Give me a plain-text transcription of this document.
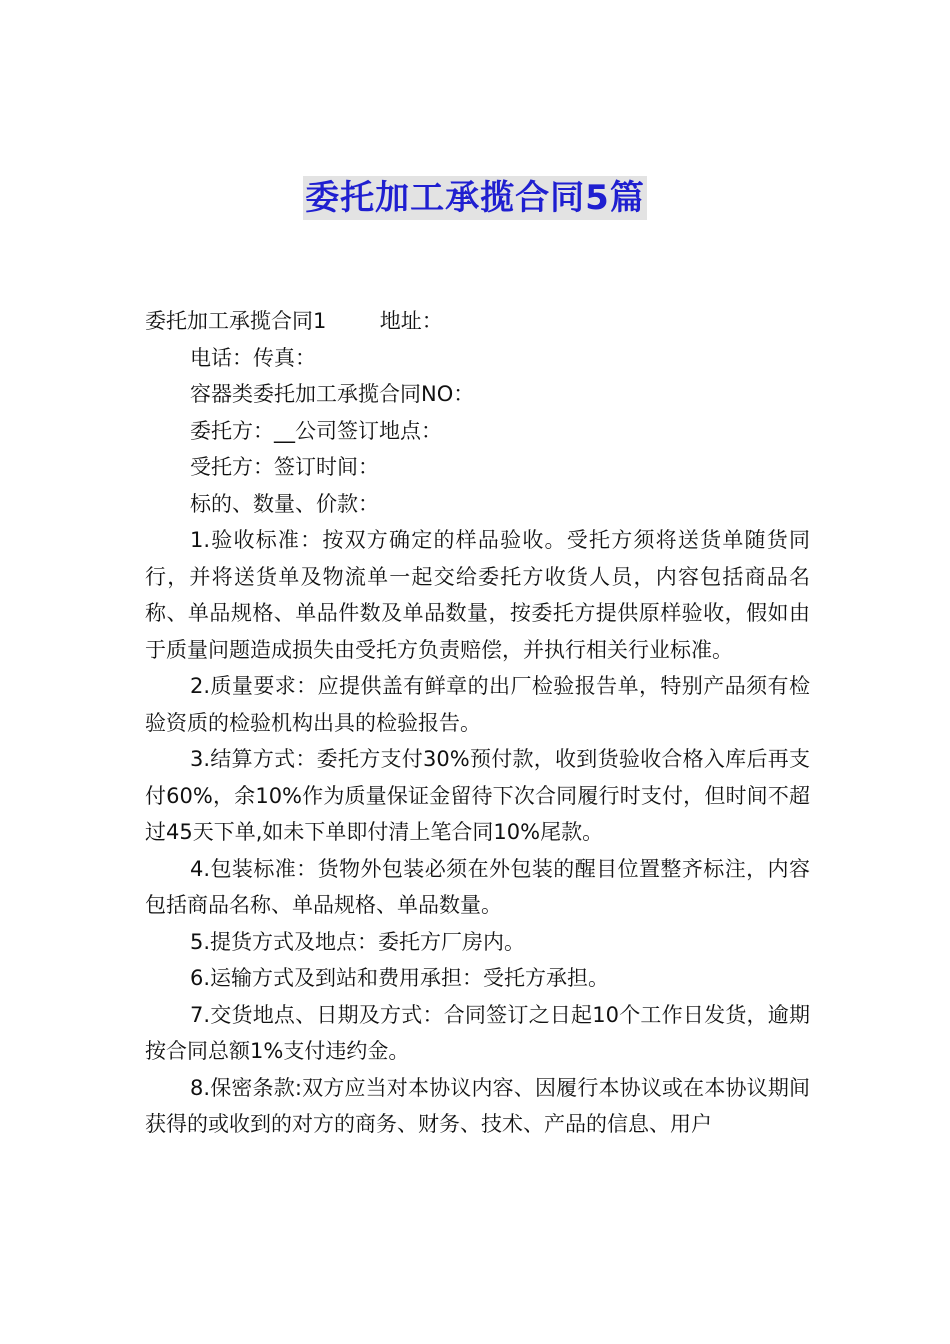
委托加工承揽合同5篇

委托加工承揽合同1        地址：

电话：传真：

容器类委托加工承揽合同NO：

委托方：__公司签订地点：

受托方：签订时间：

标的、数量、价款：

1.验收标准：按双方确定的样品验收。受托方须将送货单随货同行，并将送货单及物流单一起交给委托方收货人员，内容包括商品名称、单品规格、单品件数及单品数量，按委托方提供原样验收，假如由于质量问题造成损失由受托方负责赔偿，并执行相关行业标准。

2.质量要求：应提供盖有鲜章的出厂检验报告单，特别产品须有检验资质的检验机构出具的检验报告。

3.结算方式：委托方支付30%预付款，收到货验收合格入库后再支付60%，余10%作为质量保证金留待下次合同履行时支付，但时间不超过45天下单,如未下单即付清上笔合同10%尾款。

4.包装标准：货物外包装必须在外包装的醒目位置整齐标注，内容包括商品名称、单品规格、单品数量。

5.提货方式及地点：委托方厂房内。

6.运输方式及到站和费用承担：受托方承担。

7.交货地点、日期及方式：合同签订之日起10个工作日发货，逾期按合同总额1%支付违约金。

8.保密条款:双方应当对本协议内容、因履行本协议或在本协议期间获得的或收到的对方的商务、财务、技术、产品的信息、用户
